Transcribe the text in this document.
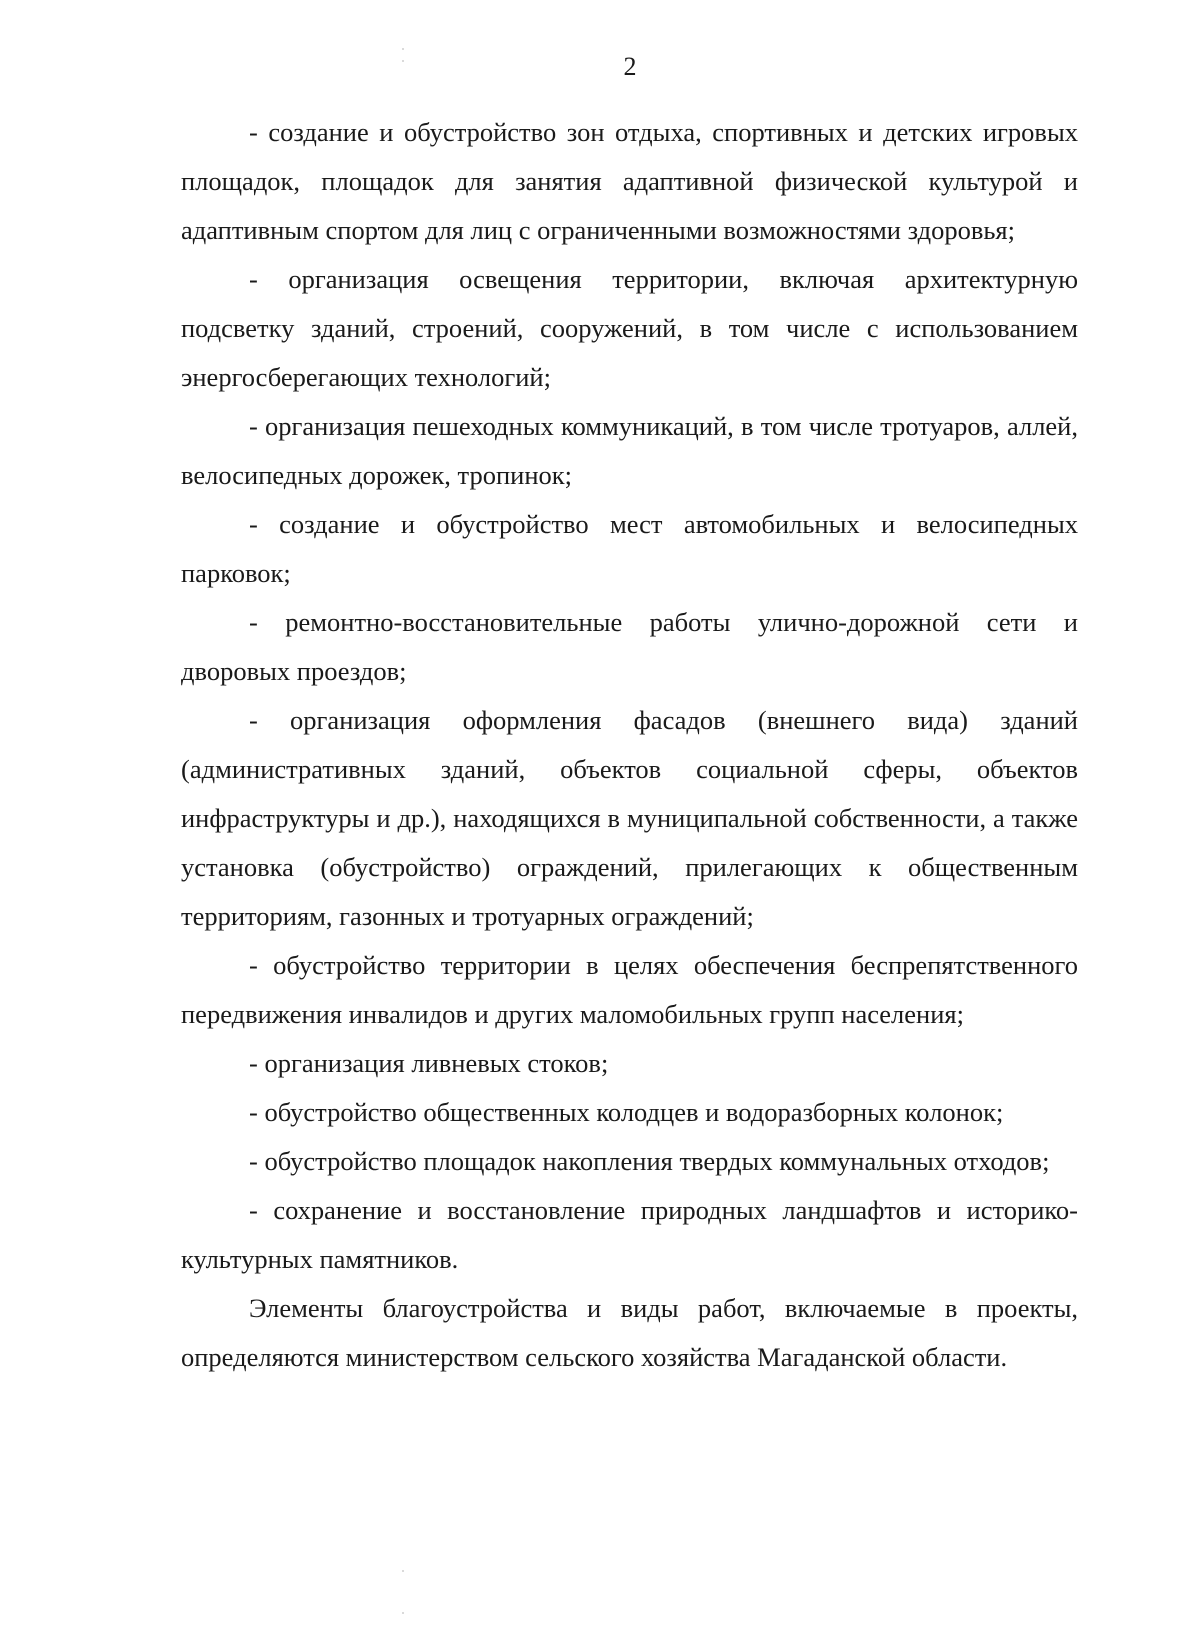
2

- создание и обустройство зон отдыха, спортивных и детских игровых площадок, площадок для занятия адаптивной физической культурой и адаптивным спортом для лиц с ограниченными возможностями здоровья;

- организация освещения территории, включая архитектурную подсветку зданий, строений, сооружений, в том числе с использованием энергосберегающих технологий;

- организация пешеходных коммуникаций, в том числе тротуаров, аллей, велосипедных дорожек, тропинок;

- создание и обустройство мест автомобильных и велосипедных парковок;

- ремонтно-восстановительные работы улично-дорожной сети и дворовых проездов;

- организация оформления фасадов (внешнего вида) зданий (административных зданий, объектов социальной сферы, объектов инфраструктуры и др.), находящихся в муниципальной собственности, а также установка (обустройство) ограждений, прилегающих к общественным территориям, газонных и тротуарных ограждений;

- обустройство территории в целях обеспечения беспрепятственного передвижения инвалидов и других маломобильных групп населения;

- организация ливневых стоков;

- обустройство общественных колодцев и водоразборных колонок;

- обустройство площадок накопления твердых коммунальных отходов;

- сохранение и восстановление природных ландшафтов и историко-культурных памятников.

Элементы благоустройства и виды работ, включаемые в проекты, определяются министерством сельского хозяйства Магаданской области.
